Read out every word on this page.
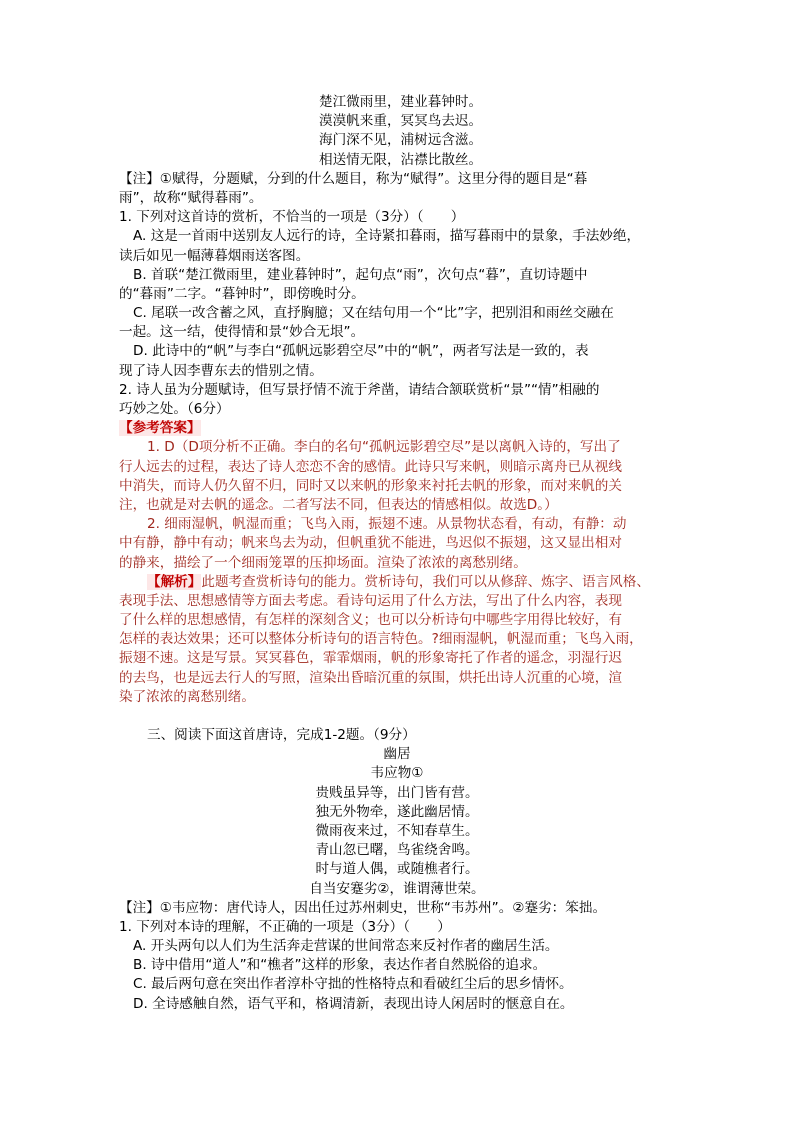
楚江微雨里，建业暮钟时。
漠漠帆来重，冥冥鸟去迟。
海门深不见，浦树远含滋。
相送情无限，沾襟比散丝。
【注】①赋得，分题赋，分到的什么题目，称为“赋得”。这里分得的题目是“暮
雨”，故称“赋得暮雨”。
1. 下列对这首诗的赏析，不恰当的一项是（3分）（　　）
A. 这是一首雨中送别友人远行的诗，全诗紧扣暮雨，描写暮雨中的景象，手法妙绝，
读后如见一幅薄暮烟雨送客图。
B. 首联“楚江微雨里，建业暮钟时”，起句点“雨”，次句点“暮”，直切诗题中
的“暮雨”二字。“暮钟时”，即傍晚时分。
C. 尾联一改含蓄之风，直抒胸臆；又在结句用一个“比”字，把别泪和雨丝交融在
一起。这一结，使得情和景“妙合无垠”。
D. 此诗中的“帆”与李白“孤帆远影碧空尽”中的“帆”，两者写法是一致的，表
现了诗人因李曹东去的惜别之情。
2. 诗人虽为分题赋诗，但写景抒情不流于斧凿，请结合颔联赏析“景”“情”相融的
巧妙之处。（6分）
【参考答案】
1. D（D项分析不正确。李白的名句“孤帆远影碧空尽”是以离帆入诗的，写出了
行人远去的过程，表达了诗人恋恋不舍的感情。此诗只写来帆，则暗示离舟已从视线
中消失，而诗人仍久留不归，同时又以来帆的形象来衬托去帆的形象，而对来帆的关
注，也就是对去帆的遥念。二者写法不同，但表达的情感相似。故选D。）
2. 细雨湿帆，帆湿而重；飞鸟入雨，振翅不速。从景物状态看，有动，有静：动
中有静，静中有动；帆来鸟去为动，但帆重犹不能进，鸟迟似不振翅，这又显出相对
的静来，描绘了一个细雨笼罩的压抑场面。渲染了浓浓的离愁别绪。
【解析】此题考查赏析诗句的能力。赏析诗句，我们可以从修辞、炼字、语言风格、
表现手法、思想感情等方面去考虑。看诗句运用了什么方法，写出了什么内容，表现
了什么样的思想感情，有怎样的深刻含义；也可以分析诗句中哪些字用得比较好，有
怎样的表达效果；还可以整体分析诗句的语言特色。?细雨湿帆，帆湿而重；飞鸟入雨，
振翅不速。这是写景。冥冥暮色，霏霏烟雨，帆的形象寄托了作者的遥念，羽湿行迟
的去鸟，也是远去行人的写照，渲染出昏暗沉重的氛围，烘托出诗人沉重的心境，渲
染了浓浓的离愁别绪。
三、阅读下面这首唐诗，完成1-2题。（9分）
幽居
韦应物①
贵贱虽异等，出门皆有营。
独无外物牵，遂此幽居情。
微雨夜来过，不知春草生。
青山忽已曙，鸟雀绕舍鸣。
时与道人偶，或随樵者行。
自当安蹇劣②，谁谓薄世荣。
【注】①韦应物：唐代诗人，因出任过苏州刺史，世称“韦苏州”。②蹇劣：笨拙。
1. 下列对本诗的理解，不正确的一项是（3分）（　　）
A. 开头两句以人们为生活奔走营谋的世间常态来反衬作者的幽居生活。
B. 诗中借用“道人”和“樵者”这样的形象，表达作者自然脱俗的追求。
C. 最后两句意在突出作者淳朴守拙的性格特点和看破红尘后的思乡情怀。
D. 全诗感触自然，语气平和，格调清新，表现出诗人闲居时的惬意自在。
